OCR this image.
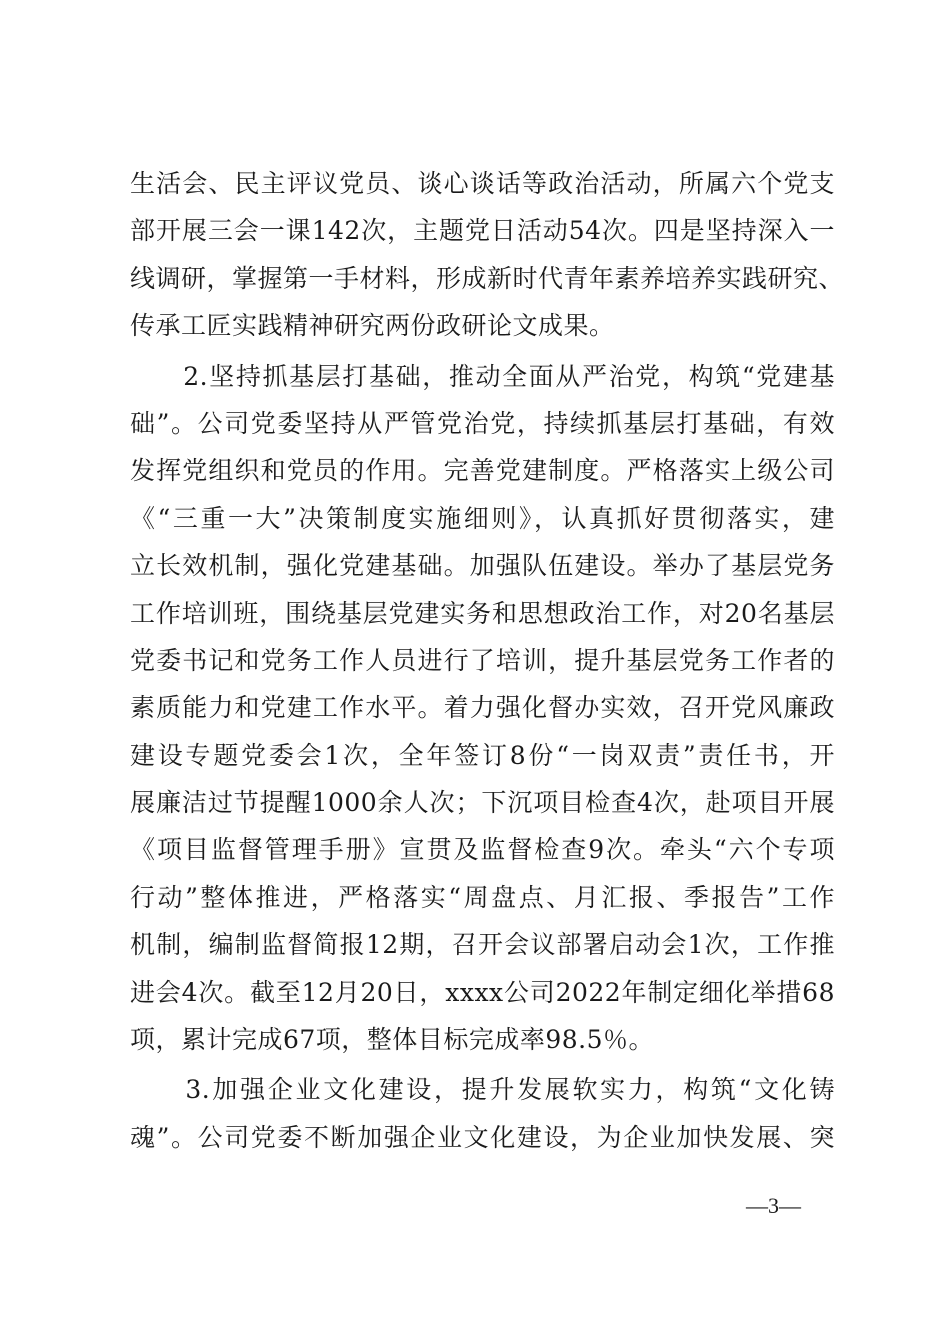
生活会、民主评议党员、谈心谈话等政治活动，所属六个党支
部开展三会一课142次，主题党日活动54次。四是坚持深入一
线调研，掌握第一手材料，形成新时代青年素养培养实践研究、
传承工匠实践精神研究两份政研论文成果。
　　2.坚持抓基层打基础，推动全面从严治党，构筑“党建基
础”。公司党委坚持从严管党治党，持续抓基层打基础，有效
发挥党组织和党员的作用。完善党建制度。严格落实上级公司
《“三重一大”决策制度实施细则》，认真抓好贯彻落实，建
立长效机制，强化党建基础。加强队伍建设。举办了基层党务
工作培训班，围绕基层党建实务和思想政治工作，对20名基层
党委书记和党务工作人员进行了培训，提升基层党务工作者的
素质能力和党建工作水平。着力强化督办实效，召开党风廉政
建设专题党委会1次，全年签订8份“一岗双责”责任书，开
展廉洁过节提醒1000余人次；下沉项目检查4次，赴项目开展
《项目监督管理手册》宣贯及监督检查9次。牵头“六个专项
行动”整体推进，严格落实“周盘点、月汇报、季报告”工作
机制，编制监督简报12期，召开会议部署启动会1次，工作推
进会4次。截至12月20日，xxxx公司2022年制定细化举措68
项，累计完成67项，整体目标完成率98.5％。
　　3.加强企业文化建设，提升发展软实力，构筑“文化铸
魂”。公司党委不断加强企业文化建设，为企业加快发展、突
—3—
